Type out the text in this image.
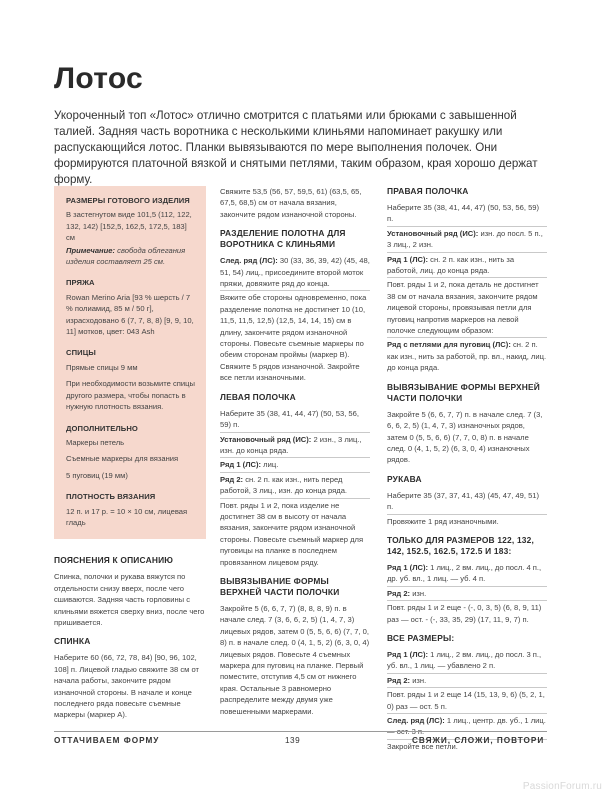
Лотос
Укороченный топ «Лотос» отлично смотрится с платьями или брюками с завышенной талией. Задняя часть воротника с несколькими клиньями напоминает ракушку или распускающийся лотос. Планки вывязываются по мере выполнения полочек. Они формируются платочной вязкой и снятыми петлями, таким образом, края хорошо держат форму.
РАЗМЕРЫ ГОТОВОГО ИЗДЕЛИЯ

В застегнутом виде 101,5 (112, 122, 132, 142) [152,5, 162,5, 172,5, 183] см

Примечание: свобода облегания изделия составляет 25 см.

ПРЯЖА

Rowan Merino Aria [93 % шерсть / 7 % полиамид, 85 м / 50 г], израсходовано 6 (7, 7, 8, 8) [9, 9, 10, 11] мотков, цвет: 043 Ash

СПИЦЫ

Прямые спицы 9 мм

При необходимости возьмите спицы другого размера, чтобы попасть в нужную плотность вязания.

ДОПОЛНИТЕЛЬНО

Маркеры петель

Съемные маркеры для вязания

5 пуговиц (19 мм)

ПЛОТНОСТЬ ВЯЗАНИЯ

12 п. и 17 р. = 10 × 10 см, лицевая гладь

ПОЯСНЕНИЯ К ОПИСАНИЮ

Спинка, полочки и рукава вяжутся по отдельности снизу вверх, после чего сшиваются. Задняя часть горловины с клиньями вяжется сверху вниз, после чего пришивается.

СПИНКА

Наберите 60 (66, 72, 78, 84) [90, 96, 102, 108] п. Лицевой гладью свяжите 38 см от начала работы, закончите рядом изнаночной стороны. В начале и конце последнего ряда повесьте съемные маркеры (маркер А).

Свяжите 53,5 (56, 57, 59,5, 61) (63,5, 65, 67,5, 68,5) см от начала вязания, закончите рядом изнаночной стороны.

РАЗДЕЛЕНИЕ ПОЛОТНА ДЛЯ ВОРОТНИКА С КЛИНЬЯМИ

След. ряд (ЛС): 30 (33, 36, 39, 42) (45, 48, 51, 54) лиц., присоедините второй моток пряжи, довяжите ряд до конца.

Вяжите обе стороны одновременно, пока разделение полотна не достигнет 10 (10, 11,5, 11,5, 12,5) (12,5, 14, 14, 15) см в длину, закончите рядом изнаночной стороны. Повесьте съемные маркеры по обеим сторонам проймы (маркер B). Свяжите 5 рядов изнаночной. Закройте все петли изнаночными.

ЛЕВАЯ ПОЛОЧКА

Наберите 35 (38, 41, 44, 47) (50, 53, 56, 59) п.

Установочный ряд (ИС): 2 изн., 3 лиц., изн. до конца ряда.

Ряд 1 (ЛС): лиц.

Ряд 2: сн. 2 п. как изн., нить перед работой, 3 лиц., изн. до конца ряда.

Повт. ряды 1 и 2, пока изделие не достигнет 38 см в высоту от начала вязания, закончите рядом изнаночной стороны. Повесьте съемный маркер для пуговицы на планке в последнем провязанном лицевом ряду.

ВЫВЯЗЫВАНИЕ ФОРМЫ ВЕРХНЕЙ ЧАСТИ ПОЛОЧКИ

Закройте 5 (6, 6, 7, 7) (8, 8, 8, 9) п. в начале след. 7 (3, 6, 6, 2, 5) (1, 4, 7, 3) лицевых рядов, затем 0 (5, 5, 6, 6) (7, 7, 0, 8) п. в начале след. 0 (4, 1, 5, 2) (6, 3, 0, 4) лицевых рядов. Повесьте 4 съемных маркера для пуговиц на планке. Первый поместите, отступив 4,5 см от нижнего края. Остальные 3 равномерно распределите между двумя уже повешенными маркерами.

ПРАВАЯ ПОЛОЧКА

Наберите 35 (38, 41, 44, 47) (50, 53, 56, 59) п.

Установочный ряд (ИС): изн. до посл. 5 п., 3 лиц., 2 изн.

Ряд 1 (ЛС): сн. 2 п. как изн., нить за работой, лиц. до конца ряда.

Повт. ряды 1 и 2, пока деталь не достигнет 38 см от начала вязания, закончите рядом лицевой стороны, провязывая петли для пуговиц напротив маркеров на левой полочке следующим образом:

Ряд с петлями для пуговиц (ЛС): сн. 2 п. как изн., нить за работой, пр. вл., накид, лиц. до конца ряда.

ВЫВЯЗЫВАНИЕ ФОРМЫ ВЕРХНЕЙ ЧАСТИ ПОЛОЧКИ

Закройте 5 (6, 6, 7, 7) п. в начале след. 7 (3, 6, 6, 2, 5) (1, 4, 7, 3) изнаночных рядов, затем 0 (5, 5, 6, 6) (7, 7, 0, 8) п. в начале след. 0 (4, 1, 5, 2) (6, 3, 0, 4) изнаночных рядов.

РУКАВА

Наберите 35 (37, 37, 41, 43) (45, 47, 49, 51) п.

Провяжите 1 ряд изнаночными.

ТОЛЬКО ДЛЯ РАЗМЕРОВ 122, 132, 142, 152.5, 162.5, 172.5 И 183:

Ряд 1 (ЛС): 1 лиц., 2 вм. лиц., до посл. 4 п., др. уб. вл., 1 лиц. — уб. 4 п.

Ряд 2: изн.

Повт. ряды 1 и 2 еще - (-, 0, 3, 5) (6, 8, 9, 11) раз — ост. - (-, 33, 35, 29) (17, 11, 9, 7) п.

ВСЕ РАЗМЕРЫ:

Ряд 1 (ЛС): 1 лиц., 2 вм. лиц., до посл. 3 п., уб. вл., 1 лиц. — убавлено 2 п.

Ряд 2: изн.

Повт. ряды 1 и 2 еще 14 (15, 13, 9, 6) (5, 2, 1, 0) раз — ост. 5 п.

След. ряд (ЛС): 1 лиц., центр. дв. уб., 1 лиц. — ост. 3 п.

Закройте все петли.

ОТТАЧИВАЕМ ФОРМУ	139	СВЯЖИ, СЛОЖИ, ПОВТОРИ
PassionForum.ru
